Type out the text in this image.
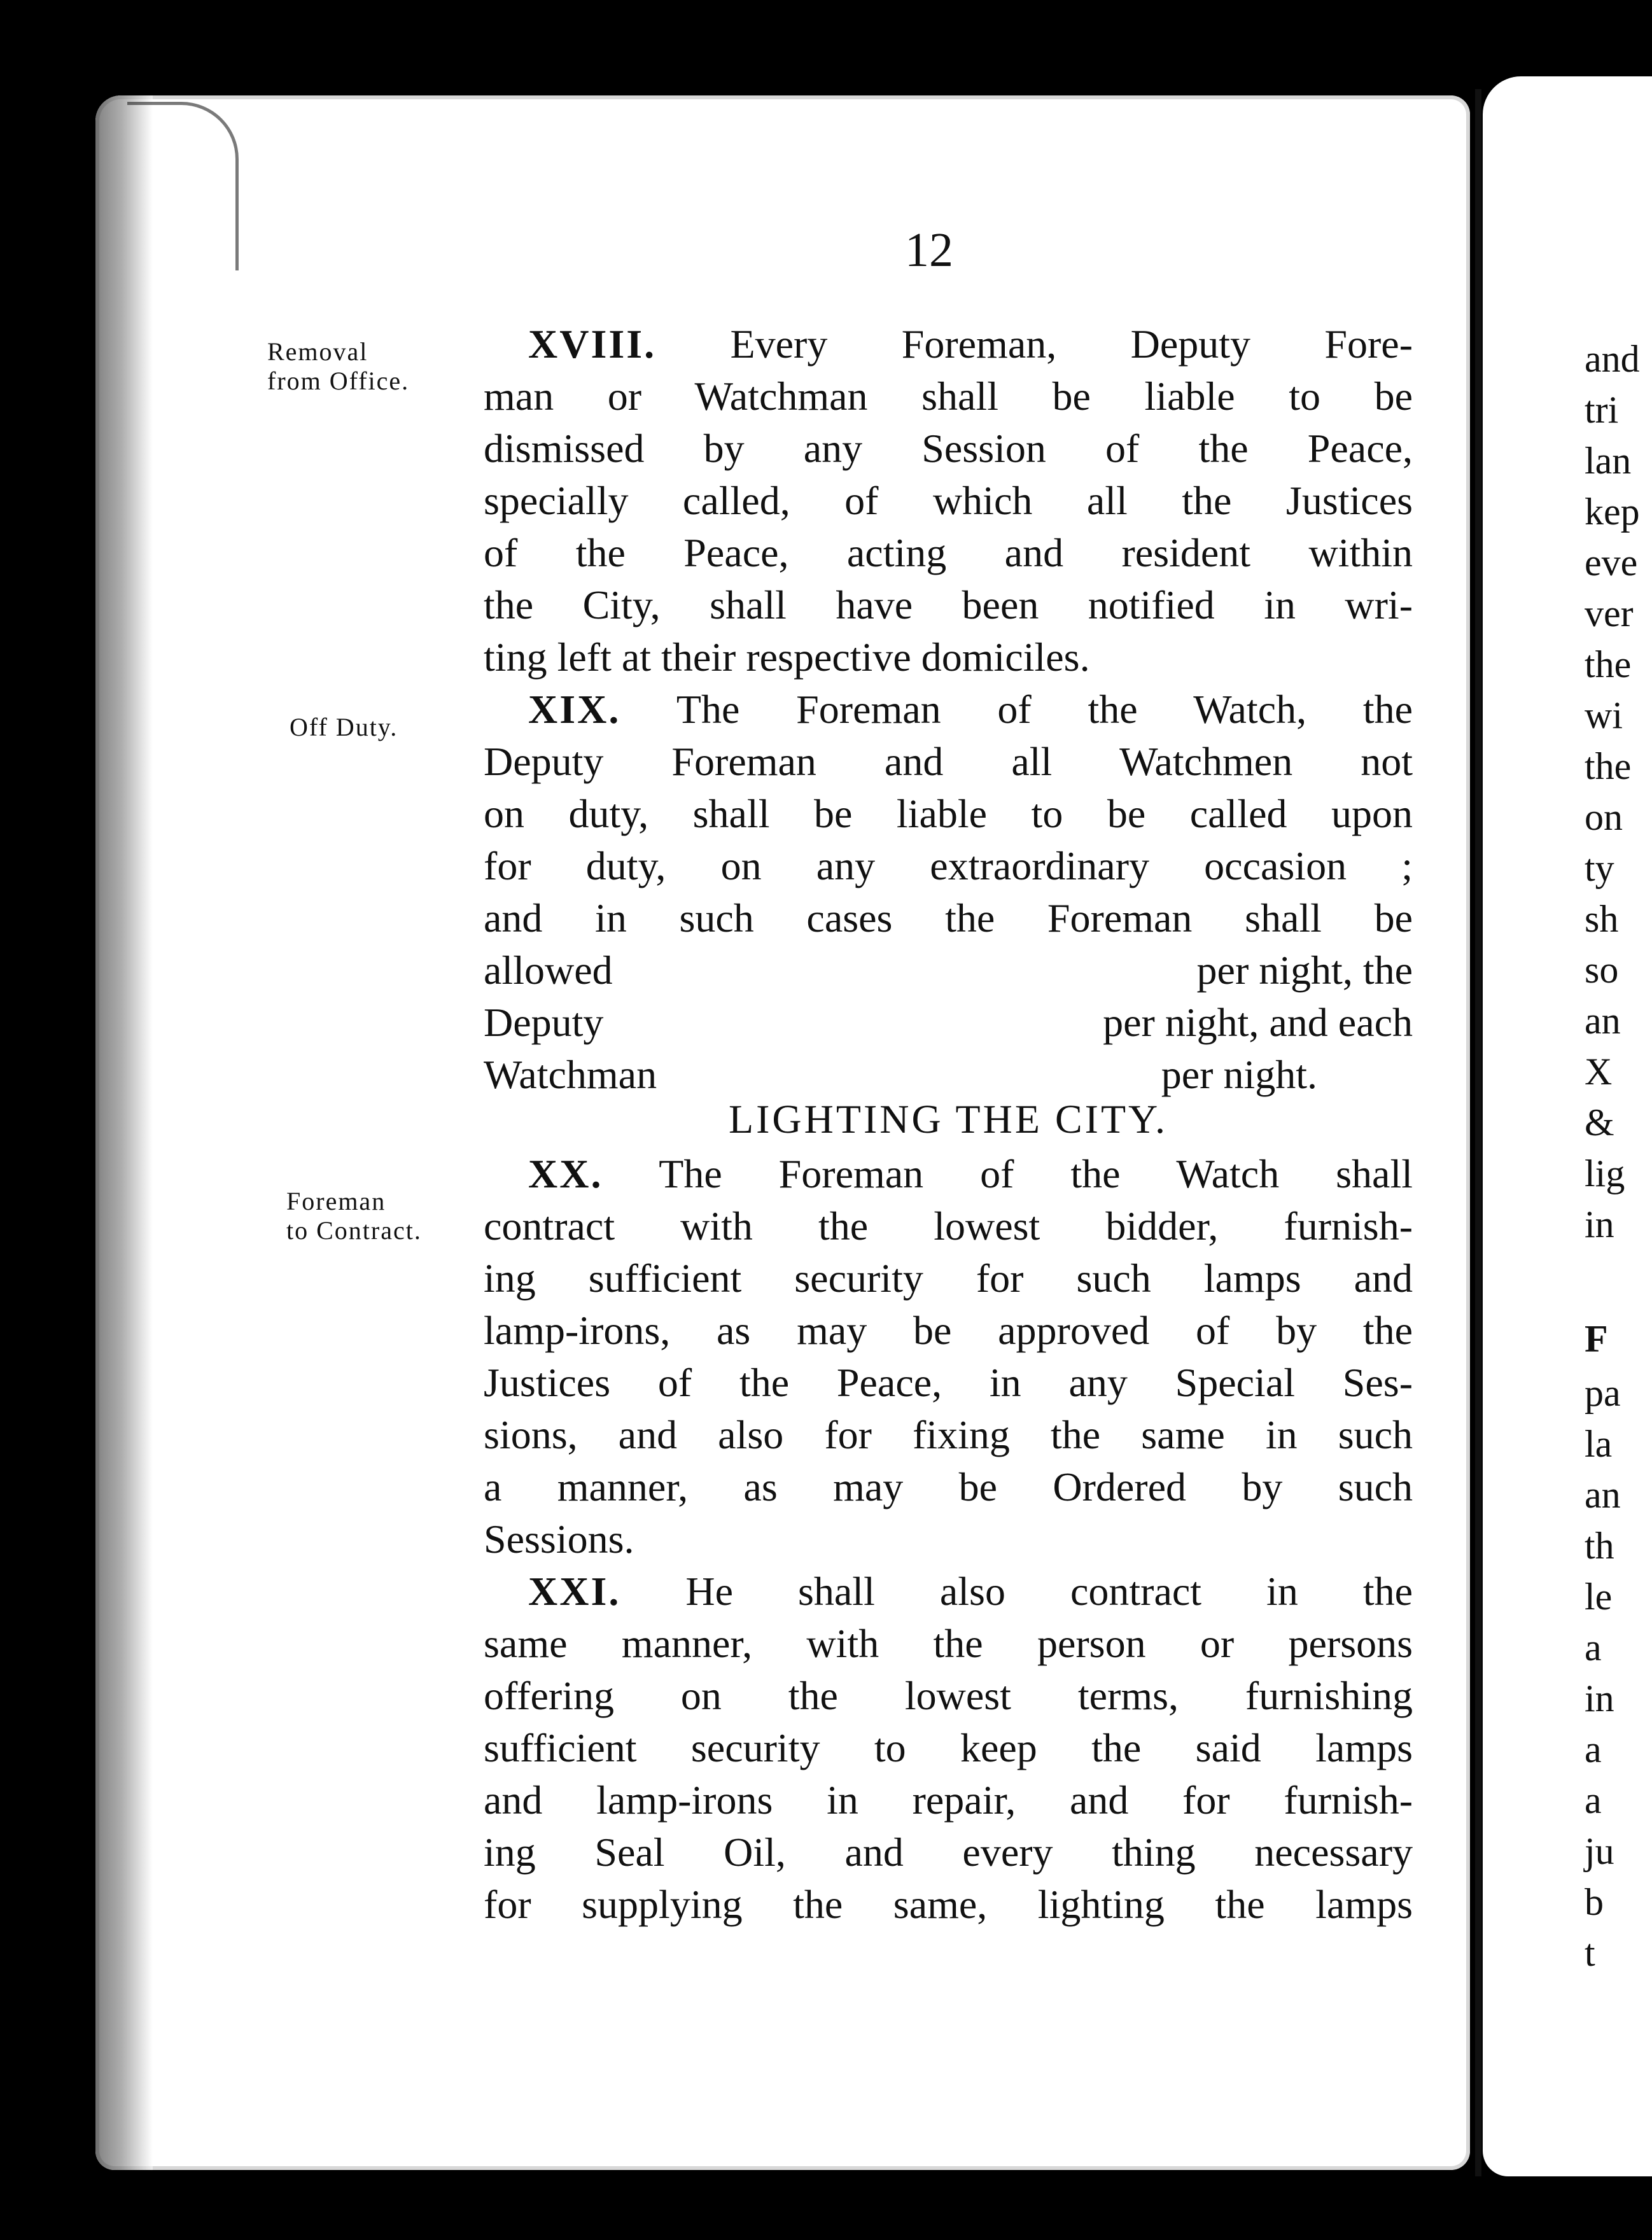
12
Removal
from Office.
Off Duty.
Foreman
to Contract.
XVIII. Every Foreman, Deputy Fore-
man or Watchman shall be liable to be
dismissed by any Session of the Peace,
specially called, of which all the Justices
of the Peace, acting and resident within
the City, shall have been notified in wri-
ting left at their respective domiciles.
XIX. The Foreman of the Watch, the
Deputy Foreman and all Watchmen not
on duty, shall be liable to be called upon
for duty, on any extraordinary occasion ;
and in such cases the Foreman shall be
allowed	per night, the
Deputy	per night, and each
Watchman	per night.
LIGHTING THE CITY.
XX. The Foreman of the Watch shall
contract with the lowest bidder, furnish-
ing sufficient security for such lamps and
lamp-irons, as may be approved of by the
Justices of the Peace, in any Special Ses-
sions, and also for fixing the same in such
a manner, as may be Ordered by such
Sessions.
XXI. He shall also contract in the
same manner, with the person or persons
offering on the lowest terms, furnishing
sufficient security to keep the said lamps
and lamp-irons in repair, and for furnish-
ing Seal Oil, and every thing necessary
for supplying the same, lighting the lamps
and
tri
lan
kep
eve
ver
the
wi
the
on
ty
sh
so
an
X
&
lig
in
F
pa
la
an
th
le
a
in
a
a
ju
b
t
